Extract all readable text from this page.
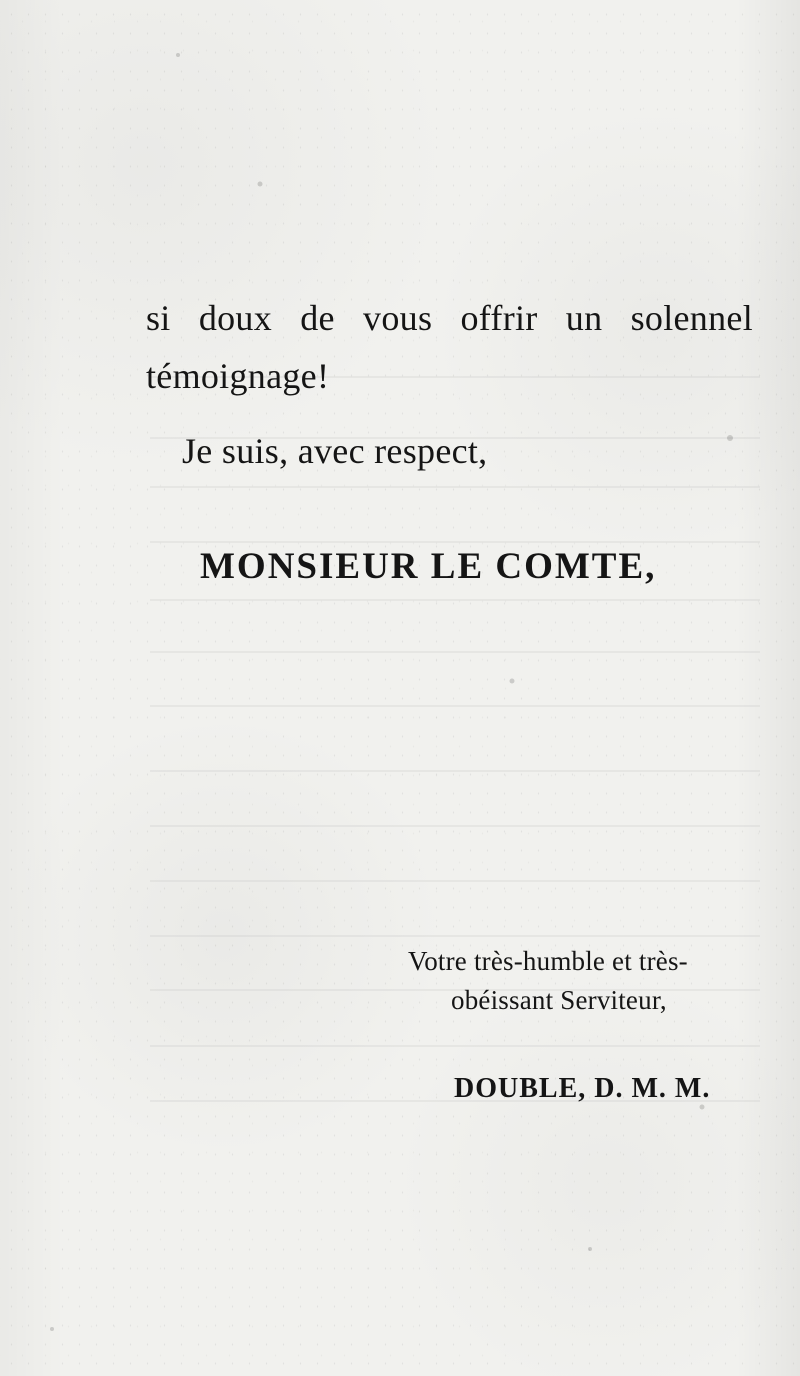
si doux de vous offrir un solennel

témoignage!

Je suis, avec respect,

MONSIEUR LE COMTE,

Votre très-humble et très-

obéissant Serviteur,

DOUBLE, D. M. M.
